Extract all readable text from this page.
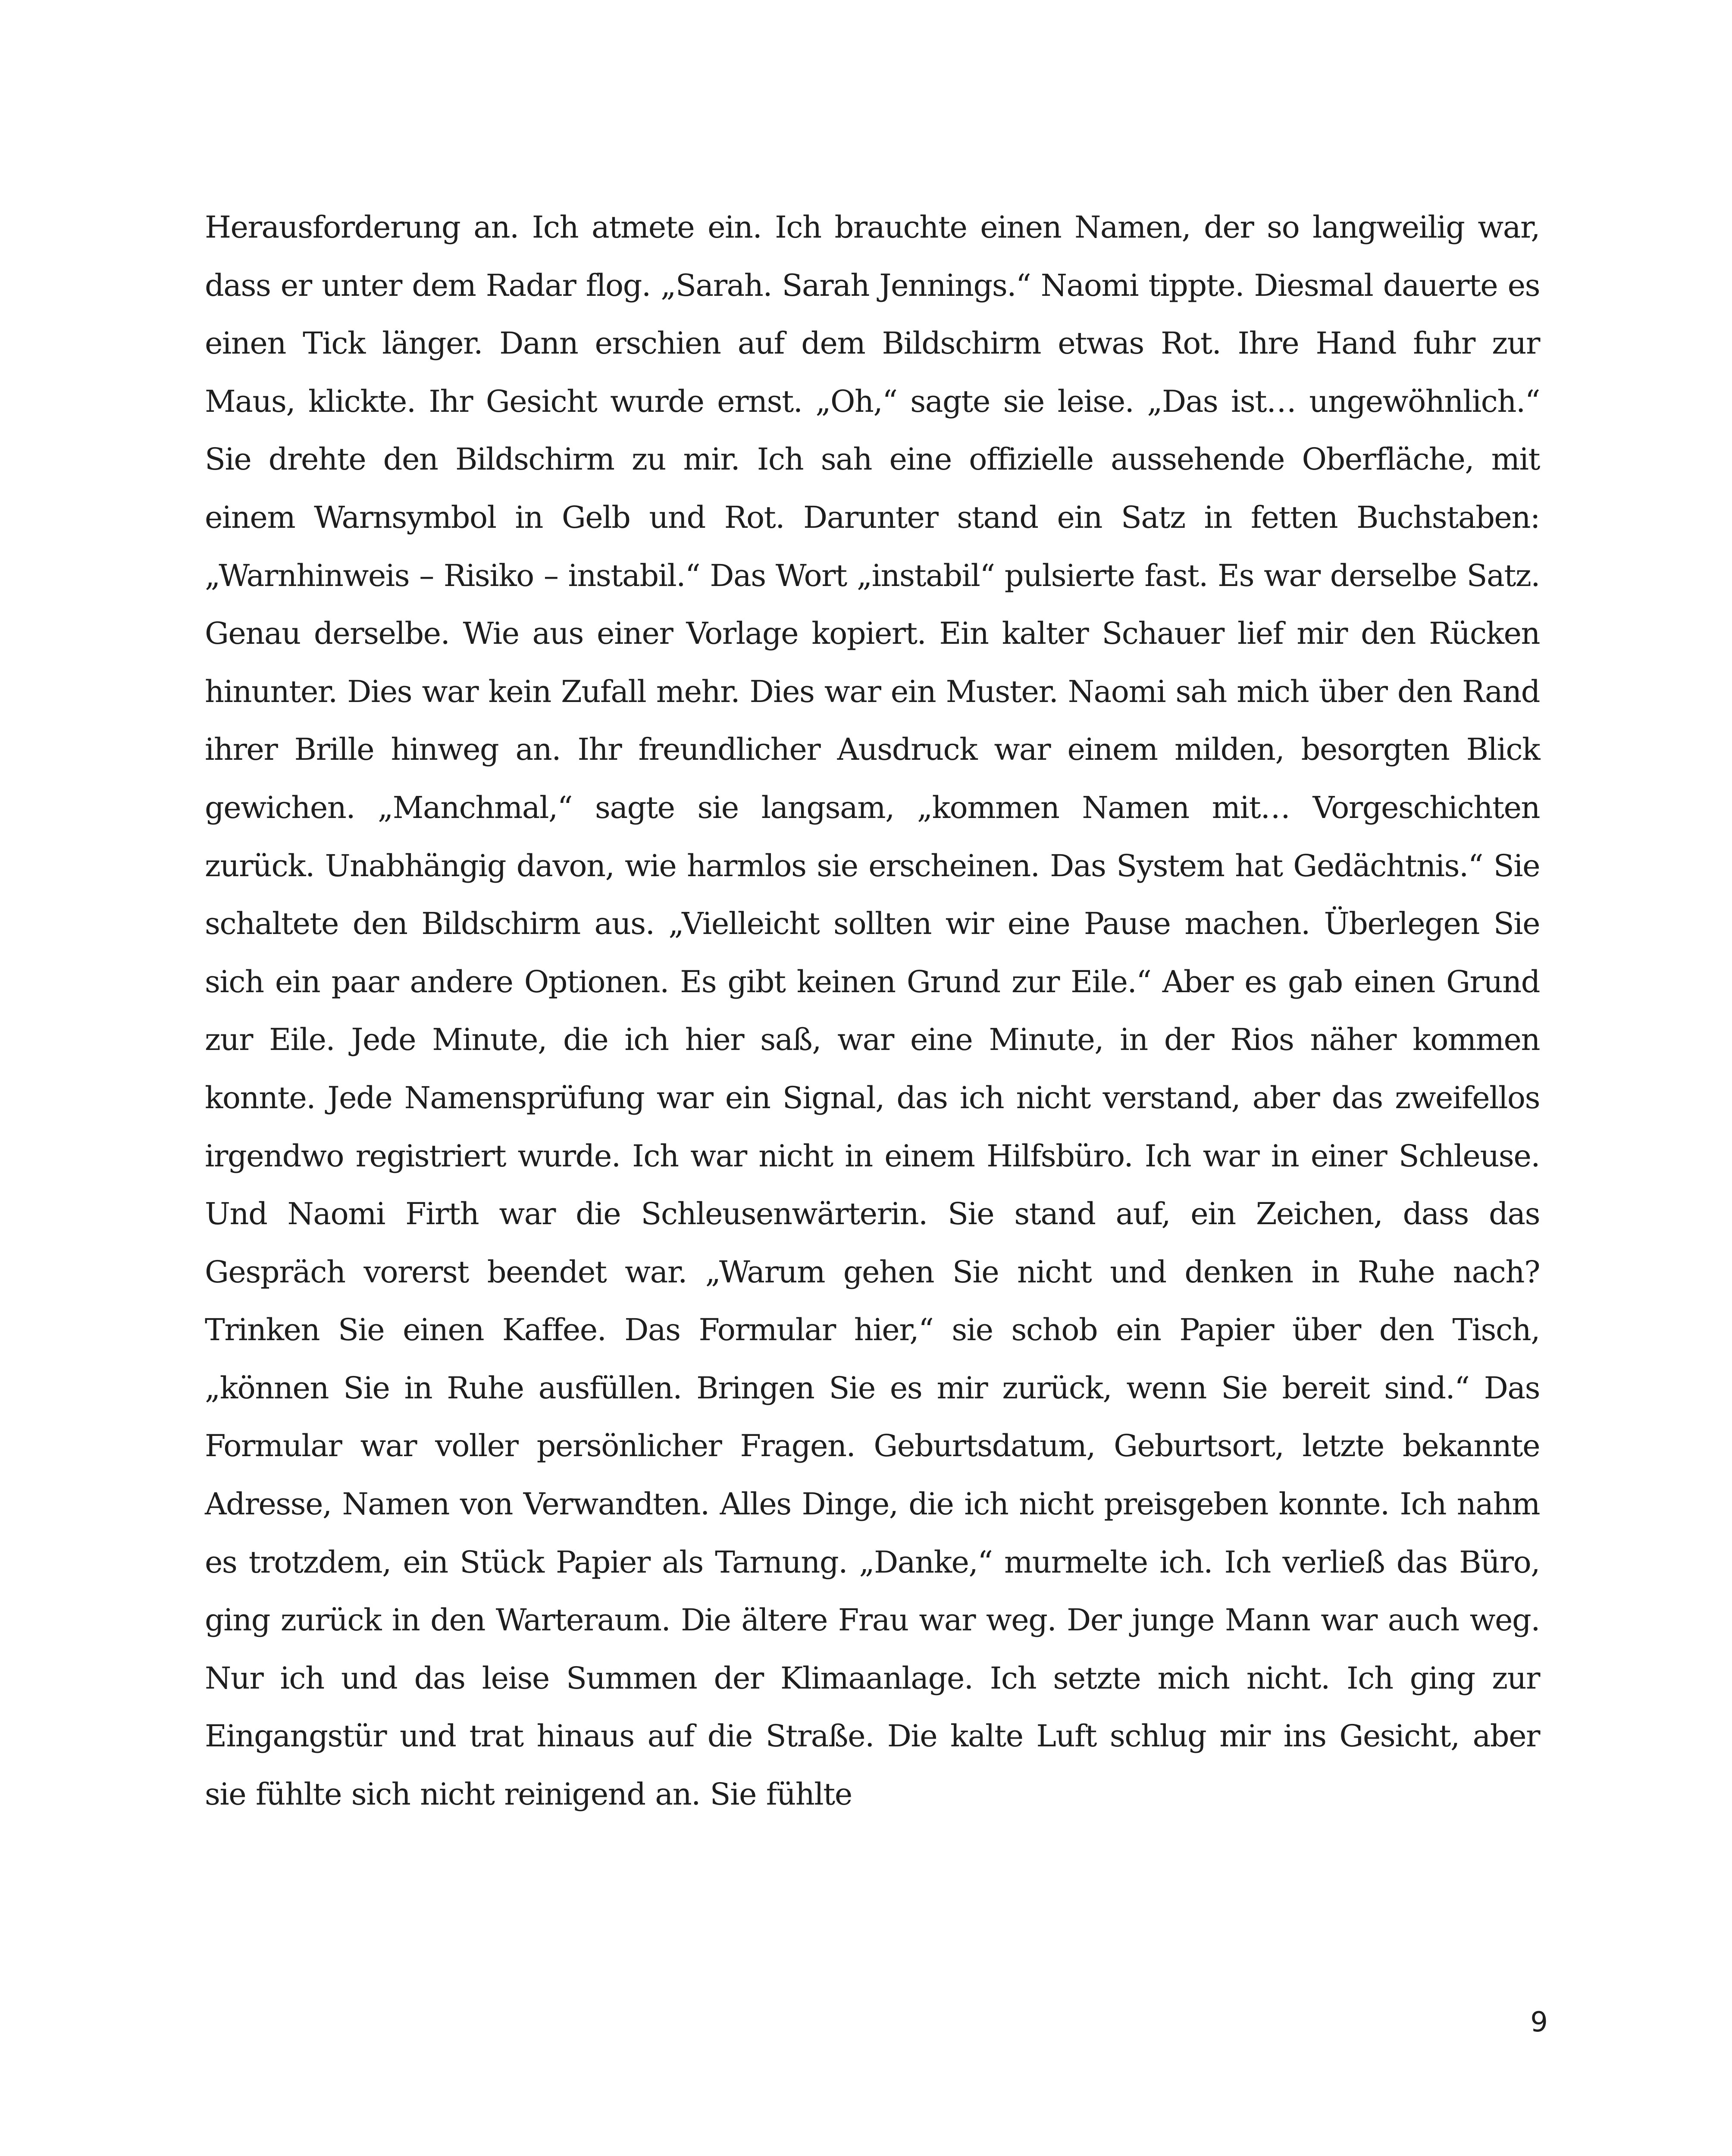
Herausforderung an. Ich atmete ein. Ich brauchte einen Namen, der so langweilig war, dass er unter dem Radar flog. „Sarah. Sarah Jennings.“ Naomi tippte. Diesmal dauerte es einen Tick länger. Dann erschien auf dem Bildschirm etwas Rot. Ihre Hand fuhr zur Maus, klickte. Ihr Gesicht wurde ernst. „Oh,“ sagte sie leise. „Das ist… ungewöhnlich.“ Sie drehte den Bildschirm zu mir. Ich sah eine offizielle aussehende Oberfläche, mit einem Warnsymbol in Gelb und Rot. Darunter stand ein Satz in fetten Buchstaben: „Warnhinweis – Risiko – instabil.“ Das Wort „instabil“ pulsierte fast. Es war derselbe Satz. Genau derselbe. Wie aus einer Vorlage kopiert. Ein kalter Schauer lief mir den Rücken hinunter. Dies war kein Zufall mehr. Dies war ein Muster. Naomi sah mich über den Rand ihrer Brille hinweg an. Ihr freundlicher Ausdruck war einem milden, besorgten Blick gewichen. „Manchmal,“ sagte sie langsam, „kommen Namen mit… Vorgeschichten zurück. Unabhängig davon, wie harmlos sie erscheinen. Das System hat Gedächtnis.“ Sie schaltete den Bildschirm aus. „Vielleicht sollten wir eine Pause machen. Überlegen Sie sich ein paar andere Optionen. Es gibt keinen Grund zur Eile.“ Aber es gab einen Grund zur Eile. Jede Minute, die ich hier saß, war eine Minute, in der Rios näher kommen konnte. Jede Namensprüfung war ein Signal, das ich nicht verstand, aber das zweifellos irgendwo registriert wurde. Ich war nicht in einem Hilfsbüro. Ich war in einer Schleuse. Und Naomi Firth war die Schleusenwärterin. Sie stand auf, ein Zeichen, dass das Gespräch vorerst beendet war. „Warum gehen Sie nicht und denken in Ruhe nach? Trinken Sie einen Kaffee. Das Formular hier,“ sie schob ein Papier über den Tisch, „können Sie in Ruhe ausfüllen. Bringen Sie es mir zurück, wenn Sie bereit sind.“ Das Formular war voller persönlicher Fragen. Geburtsdatum, Geburtsort, letzte bekannte Adresse, Namen von Verwandten. Alles Dinge, die ich nicht preisgeben konnte. Ich nahm es trotzdem, ein Stück Papier als Tarnung. „Danke,“ murmelte ich. Ich verließ das Büro, ging zurück in den Warteraum. Die ältere Frau war weg. Der junge Mann war auch weg. Nur ich und das leise Summen der Klimaanlage. Ich setzte mich nicht. Ich ging zur Eingangstür und trat hinaus auf die Straße. Die kalte Luft schlug mir ins Gesicht, aber sie fühlte sich nicht reinigend an. Sie fühlte

9
